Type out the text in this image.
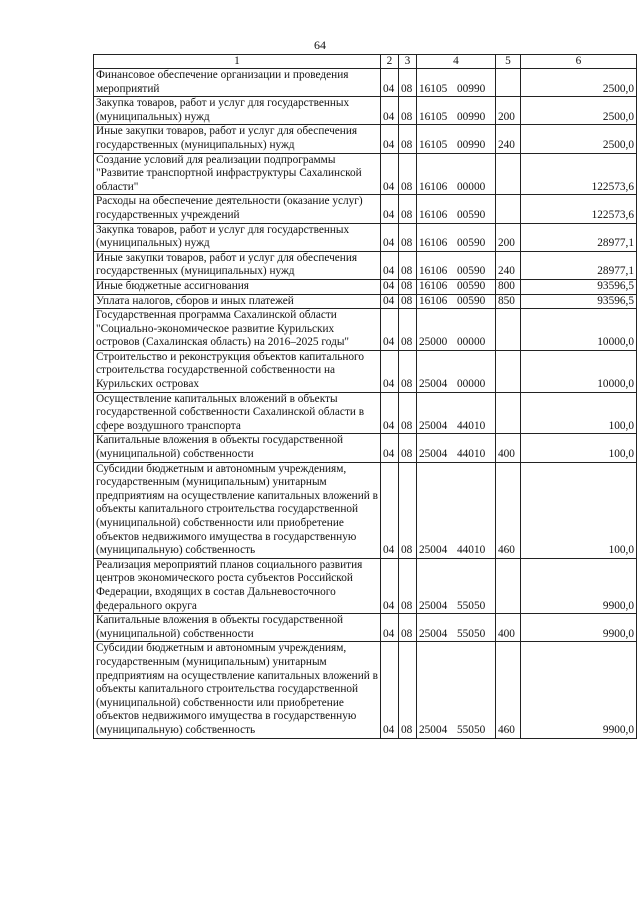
64
1	2	3	4	5	6
Финансовое обеспечение организации и проведения мероприятий	04	08	16105 00990		2500,0
Закупка товаров, работ и услуг для государственных (муниципальных) нужд	04	08	16105 00990	200	2500,0
Иные закупки товаров, работ и услуг для обеспечения государственных (муниципальных) нужд	04	08	16105 00990	240	2500,0
Создание условий для реализации подпрограммы "Развитие транспортной инфраструктуры Сахалинской области"	04	08	16106 00000		122573,6
Расходы на обеспечение деятельности (оказание услуг) государственных учреждений	04	08	16106 00590		122573,6
Закупка товаров, работ и услуг для государственных (муниципальных) нужд	04	08	16106 00590	200	28977,1
Иные закупки товаров, работ и услуг для обеспечения государственных (муниципальных) нужд	04	08	16106 00590	240	28977,1
Иные бюджетные ассигнования	04	08	16106 00590	800	93596,5
Уплата налогов, сборов и иных платежей	04	08	16106 00590	850	93596,5
Государственная программа Сахалинской области "Социально-экономическое развитие Курильских островов (Сахалинская область) на 2016–2025 годы"	04	08	25000 00000		10000,0
Строительство и реконструкция объектов капитального строительства государственной собственности на Курильских островах	04	08	25004 00000		10000,0
Осуществление капитальных вложений в объекты государственной собственности Сахалинской области в сфере воздушного транспорта	04	08	25004 44010		100,0
Капитальные вложения в объекты государственной (муниципальной) собственности	04	08	25004 44010	400	100,0
Субсидии бюджетным и автономным учреждениям, государственным (муниципальным) унитарным предприятиям на осуществление капитальных вложений в объекты капитального строительства государственной (муниципальной) собственности или приобретение объектов недвижимого имущества в государственную (муниципальную) собственность	04	08	25004 44010	460	100,0
Реализация мероприятий планов социального развития центров экономического роста субъектов Российской Федерации, входящих в состав Дальневосточного федерального округа	04	08	25004 55050		9900,0
Капитальные вложения в объекты государственной (муниципальной) собственности	04	08	25004 55050	400	9900,0
Субсидии бюджетным и автономным учреждениям, государственным (муниципальным) унитарным предприятиям на осуществление капитальных вложений в объекты капитального строительства государственной (муниципальной) собственности или приобретение объектов недвижимого имущества в государственную (муниципальную) собственность	04	08	25004 55050	460	9900,0
